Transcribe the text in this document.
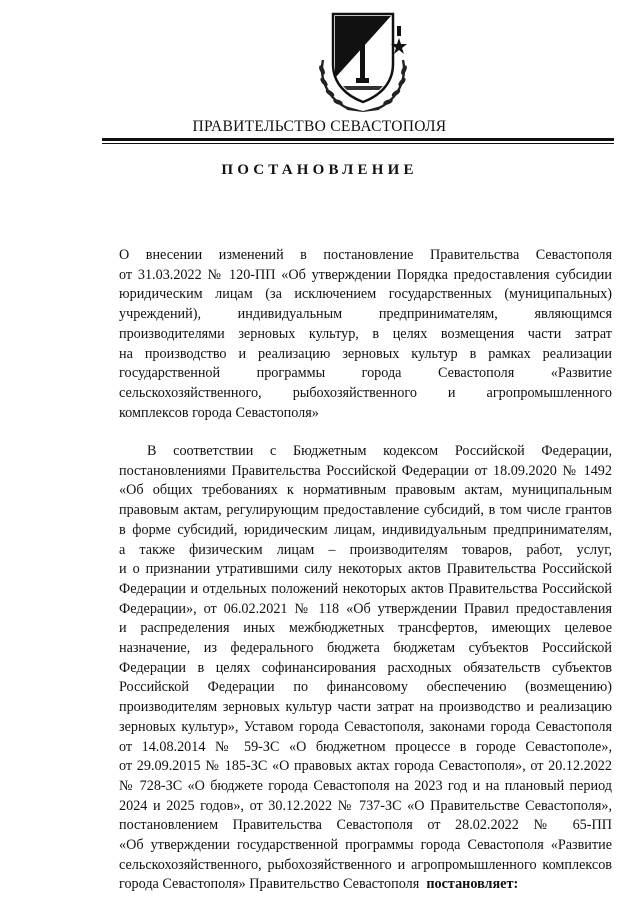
ПРАВИТЕЛЬСТВО СЕВАСТОПОЛЯ
ПОСТАНОВЛЕНИЕ
О внесении изменений в постановление Правительства Севастополя
от 31.03.2022 № 120-ПП «Об утверждении Порядка предоставления субсидии
юридическим лицам (за исключением государственных (муниципальных)
учреждений), индивидуальным предпринимателям, являющимся
производителями зерновых культур, в целях возмещения части затрат
на производство и реализацию зерновых культур в рамках реализации
государственной программы города Севастополя «Развитие
сельскохозяйственного, рыбохозяйственного и агропромышленного
комплексов города Севастополя»
В соответствии с Бюджетным кодексом Российской Федерации,
постановлениями Правительства Российской Федерации от 18.09.2020 № 1492
«Об общих требованиях к нормативным правовым актам, муниципальным
правовым актам, регулирующим предоставление субсидий, в том числе грантов
в форме субсидий, юридическим лицам, индивидуальным предпринимателям,
а также физическим лицам – производителям товаров, работ, услуг,
и о признании утратившими силу некоторых актов Правительства Российской
Федерации и отдельных положений некоторых актов Правительства Российской
Федерации», от 06.02.2021 № 118 «Об утверждении Правил предоставления
и распределения иных межбюджетных трансфертов, имеющих целевое
назначение, из федерального бюджета бюджетам субъектов Российской
Федерации в целях софинансирования расходных обязательств субъектов
Российской Федерации по финансовому обеспечению (возмещению)
производителям зерновых культур части затрат на производство и реализацию
зерновых культур», Уставом города Севастополя, законами города Севастополя
от 14.08.2014 № 59-ЗС «О бюджетном процессе в городе Севастополе»,
от 29.09.2015 № 185-ЗС «О правовых актах города Севастополя», от 20.12.2022
№ 728-ЗС «О бюджете города Севастополя на 2023 год и на плановый период
2024 и 2025 годов», от 30.12.2022 № 737-ЗС «О Правительстве Севастополя»,
постановлением Правительства Севастополя от 28.02.2022 № 65-ПП
«Об утверждении государственной программы города Севастополя «Развитие
сельскохозяйственного, рыбохозяйственного и агропромышленного комплексов
города Севастополя» Правительство Севастополя постановляет:
